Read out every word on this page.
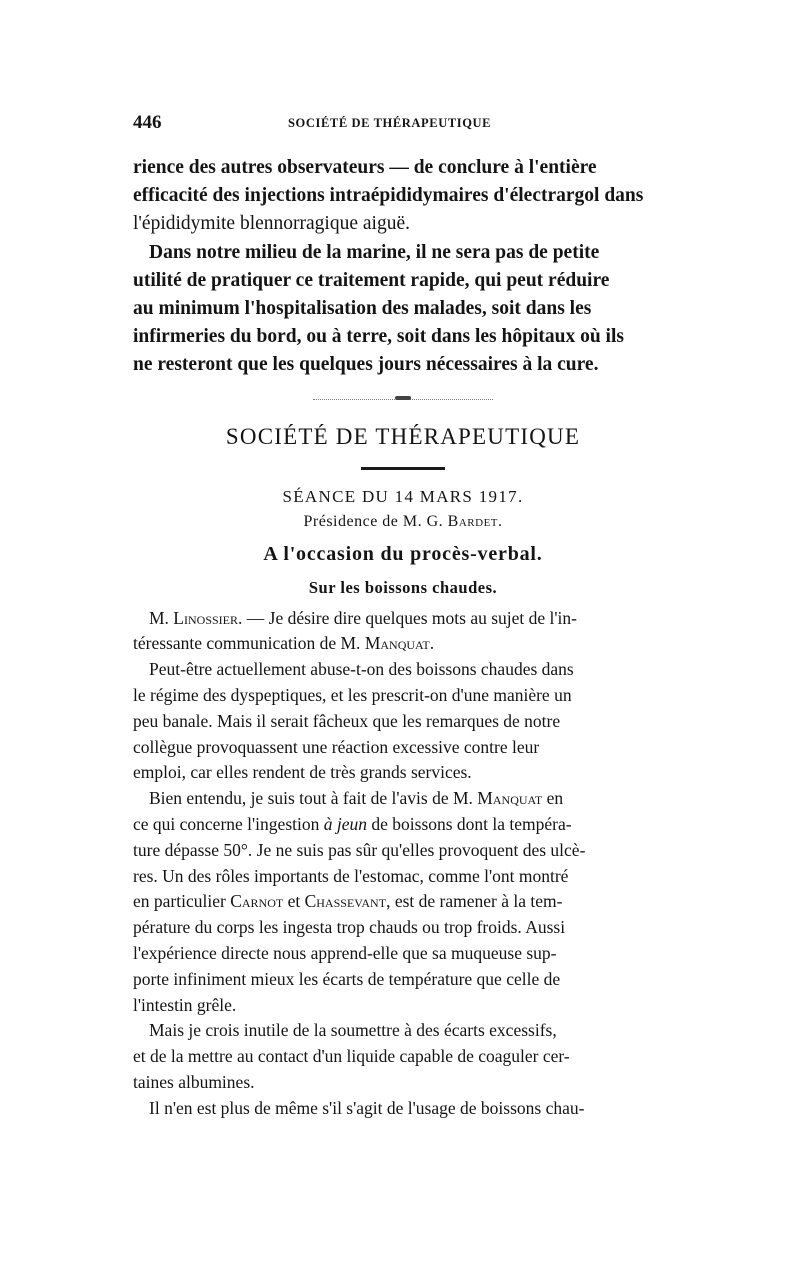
446	SOCIÉTÉ DE THÉRAPEUTIQUE
rience des autres observateurs — de conclure à l'entière
efficacité des injections intraépididymaires d'électrargol dans
l'épididymite blennorragique aiguë.
Dans notre milieu de la marine, il ne sera pas de petite
utilité de pratiquer ce traitement rapide, qui peut réduire
au minimum l'hospitalisation des malades, soit dans les
infirmeries du bord, ou à terre, soit dans les hôpitaux où ils
ne resteront que les quelques jours nécessaires à la cure.
SOCIÉTÉ DE THÉRAPEUTIQUE
SÉANCE DU 14 MARS 1917.
Présidence de M. G. Bardet.
A l'occasion du procès-verbal.
Sur les boissons chaudes.
M. Linossier. — Je désire dire quelques mots au sujet de l'in-
téressante communication de M. Manquat.
Peut-être actuellement abuse-t-on des boissons chaudes dans
le régime des dyspeptiques, et les prescrit-on d'une manière un
peu banale. Mais il serait fâcheux que les remarques de notre
collègue provoquassent une réaction excessive contre leur
emploi, car elles rendent de très grands services.
Bien entendu, je suis tout à fait de l'avis de M. Manquat en
ce qui concerne l'ingestion à jeun de boissons dont la tempéra-
ture dépasse 50°. Je ne suis pas sûr qu'elles provoquent des ulcè-
res. Un des rôles importants de l'estomac, comme l'ont montré
en particulier Carnot et Chassevant, est de ramener à la tem-
pérature du corps les ingesta trop chauds ou trop froids. Aussi
l'expérience directe nous apprend-elle que sa muqueuse sup-
porte infiniment mieux les écarts de température que celle de
l'intestin grêle.
Mais je crois inutile de la soumettre à des écarts excessifs,
et de la mettre au contact d'un liquide capable de coaguler cer-
taines albumines.
Il n'en est plus de même s'il s'agit de l'usage de boissons chau-
